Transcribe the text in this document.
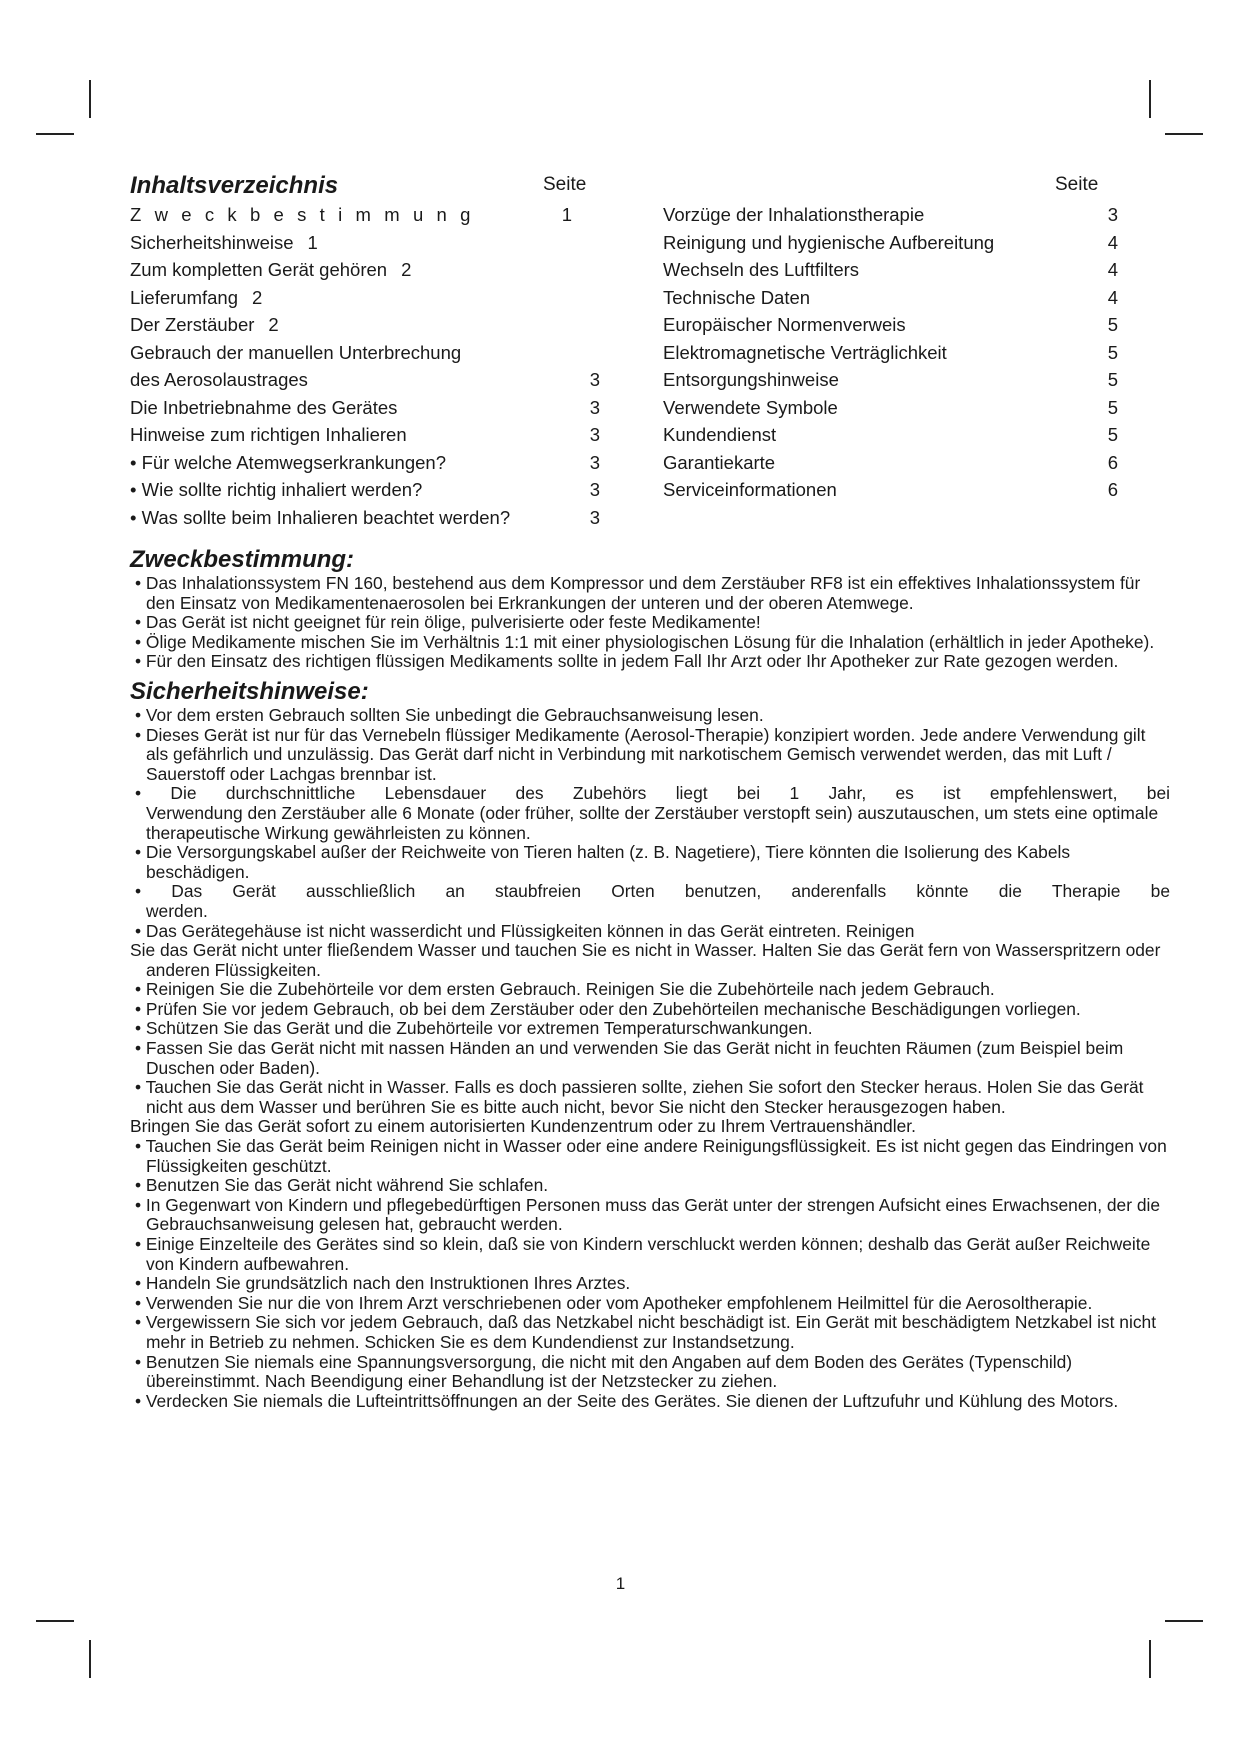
Inhaltsverzeichnis	Seite	Seite
Zweckbestimmung	1
Sicherheitshinweise 1
Zum kompletten Gerät gehören 2
Lieferumfang 2
Der Zerstäuber 2
Gebrauch der manuellen Unterbrechung
des Aerosolaustrages	3
Die Inbetriebnahme des Gerätes	3
Hinweise zum richtigen Inhalieren	3
• Für welche Atemwegserkrankungen?	3
• Wie sollte richtig inhaliert werden?	3
• Was sollte beim Inhalieren beachtet werden?	3
Vorzüge der Inhalationstherapie	3
Reinigung und hygienische Aufbereitung	4
Wechseln des Luftfilters	4
Technische Daten	4
Europäischer Normenverweis	5
Elektromagnetische Verträglichkeit	5
Entsorgungshinweise	5
Verwendete Symbole	5
Kundendienst	5
Garantiekarte	6
Serviceinformationen	6
Zweckbestimmung:

• Das Inhalationssystem FN 160, bestehend aus dem Kompressor und dem Zerstäuber RF8 ist ein effektives Inhalationssystem für den Einsatz von Medikamentenaerosolen bei Erkrankungen der unteren und der oberen Atemwege.

• Das Gerät ist nicht geeignet für rein ölige, pulverisierte oder feste Medikamente!

• Ölige Medikamente mischen Sie im Verhältnis 1:1 mit einer physiologischen Lösung für die Inhalation (erhältlich in jeder Apotheke).

• Für den Einsatz des richtigen flüssigen Medikaments sollte in jedem Fall Ihr Arzt oder Ihr Apotheker zur Rate gezogen werden.

Sicherheitshinweise:

• Vor dem ersten Gebrauch sollten Sie unbedingt die Gebrauchsanweisung lesen.

• Dieses Gerät ist nur für das Vernebeln flüssiger Medikamente (Aerosol-Therapie) konzipiert worden. Jede andere Verwendung gilt als gefährlich und unzulässig. Das Gerät darf nicht in Verbindung mit narkotischem Gemisch verwendet werden, das mit Luft / Sauerstoff oder Lachgas brennbar ist.

• Die durchschnittliche Lebensdauer des Zubehörs liegt bei 1 Jahr, es ist empfehlenswert, bei

Verwendung den Zerstäuber alle 6 Monate (oder früher, sollte der Zerstäuber verstopft sein) auszutauschen, um stets eine optimale therapeutische Wirkung gewährleisten zu können.

• Die Versorgungskabel außer der Reichweite von Tieren halten (z. B. Nagetiere), Tiere könnten die Isolierung des Kabels beschädigen.

• Das Gerät ausschließlich an staubfreien Orten benutzen, anderenfalls könnte die Therapie be

werden.

• Das Gerätegehäuse ist nicht wasserdicht und Flüssigkeiten können in das Gerät eintreten. Reinigen

Sie das Gerät nicht unter fließendem Wasser und tauchen Sie es nicht in Wasser. Halten Sie das Gerät fern von Wasserspritzern oder anderen Flüssigkeiten.

• Reinigen Sie die Zubehörteile vor dem ersten Gebrauch. Reinigen Sie die Zubehörteile nach jedem Gebrauch.

• Prüfen Sie vor jedem Gebrauch, ob bei dem Zerstäuber oder den Zubehörteilen mechanische Beschädigungen vorliegen.

• Schützen Sie das Gerät und die Zubehörteile vor extremen Temperaturschwankungen.

• Fassen Sie das Gerät nicht mit nassen Händen an und verwenden Sie das Gerät nicht in feuchten Räumen (zum Beispiel beim Duschen oder Baden).

• Tauchen Sie das Gerät nicht in Wasser. Falls es doch passieren sollte, ziehen Sie sofort den Stecker heraus. Holen Sie das Gerät nicht aus dem Wasser und berühren Sie es bitte auch nicht, bevor Sie nicht den Stecker herausgezogen haben.

Bringen Sie das Gerät sofort zu einem autorisierten Kundenzentrum oder zu Ihrem Vertrauenshändler.

• Tauchen Sie das Gerät beim Reinigen nicht in Wasser oder eine andere Reinigungsflüssigkeit. Es ist nicht gegen das Eindringen von Flüssigkeiten geschützt.

• Benutzen Sie das Gerät nicht während Sie schlafen.

• In Gegenwart von Kindern und pflegebedürftigen Personen muss das Gerät unter der strengen Aufsicht eines Erwachsenen, der die Gebrauchsanweisung gelesen hat, gebraucht werden.

• Einige Einzelteile des Gerätes sind so klein, daß sie von Kindern verschluckt werden können; deshalb das Gerät außer Reichweite von Kindern aufbewahren.

• Handeln Sie grundsätzlich nach den Instruktionen Ihres Arztes.

• Verwenden Sie nur die von Ihrem Arzt verschriebenen oder vom Apotheker empfohlenem Heilmittel für die Aerosoltherapie.

• Vergewissern Sie sich vor jedem Gebrauch, daß das Netzkabel nicht beschädigt ist. Ein Gerät mit beschädigtem Netzkabel ist nicht mehr in Betrieb zu nehmen. Schicken Sie es dem Kundendienst zur Instandsetzung.

• Benutzen Sie niemals eine Spannungsversorgung, die nicht mit den Angaben auf dem Boden des Gerätes (Typenschild) übereinstimmt. Nach Beendigung einer Behandlung ist der Netzstecker zu ziehen.

• Verdecken Sie niemals die Lufteintrittsöffnungen an der Seite des Gerätes. Sie dienen der Luftzufuhr und Kühlung des Motors.

1
